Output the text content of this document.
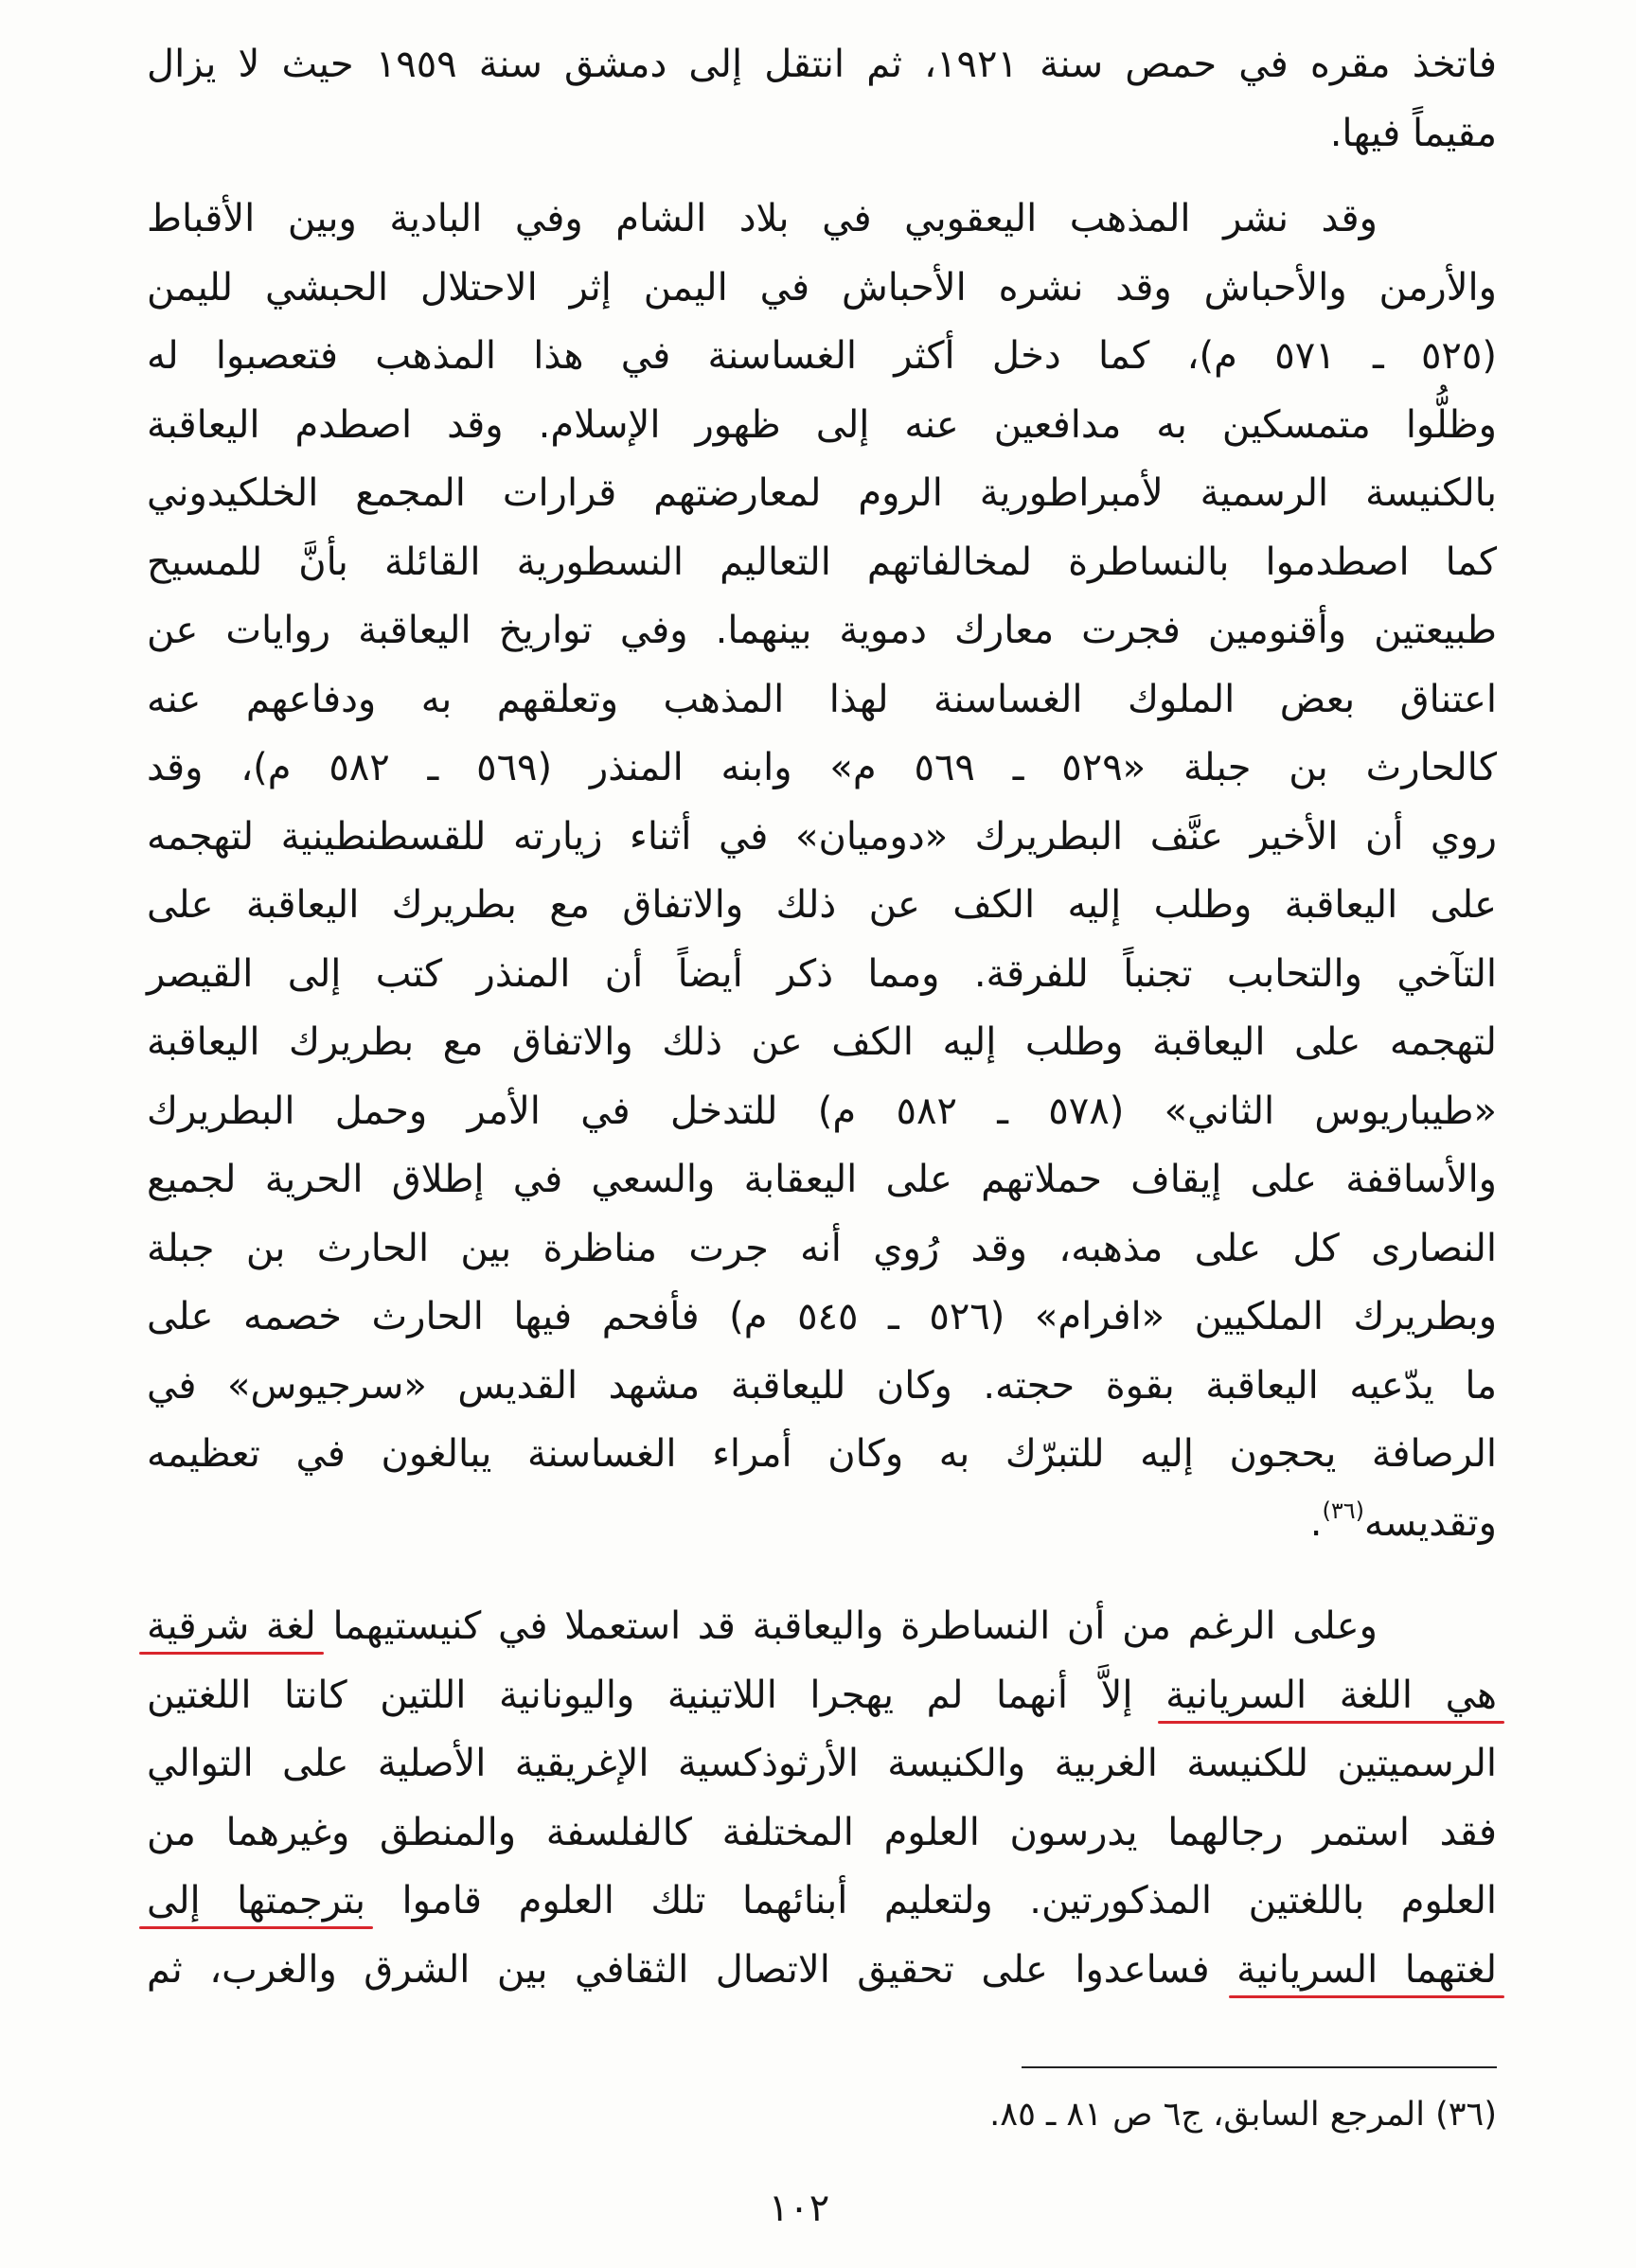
فاتخذ مقره في حمص سنة ١٩٢١، ثم انتقل إلى دمشق سنة ١٩٥٩ حيث لا يزال
مقيماً فيها.
وقد نشر المذهب اليعقوبي في بلاد الشام وفي البادية وبين الأقباط
والأرمن والأحباش وقد نشره الأحباش في اليمن إثر الاحتلال الحبشي لليمن
(٥٢٥ ـ ٥٧١ م)، كما دخل أكثر الغساسنة في هذا المذهب فتعصبوا له
وظلُّوا متمسكين به مدافعين عنه إلى ظهور الإسلام. وقد اصطدم اليعاقبة
بالكنيسة الرسمية لأمبراطورية الروم لمعارضتهم قرارات المجمع الخلكيدوني
كما اصطدموا بالنساطرة لمخالفاتهم التعاليم النسطورية القائلة بأنَّ للمسيح
طبيعتين وأقنومين فجرت معارك دموية بينهما. وفي تواريخ اليعاقبة روايات عن
اعتناق بعض الملوك الغساسنة لهذا المذهب وتعلقهم به ودفاعهم عنه
كالحارث بن جبلة «٥٢٩ ـ ٥٦٩ م» وابنه المنذر (٥٦٩ ـ ٥٨٢ م)، وقد
روي أن الأخير عنَّف البطريرك «دوميان» في أثناء زيارته للقسطنطينية لتهجمه
على اليعاقبة وطلب إليه الكف عن ذلك والاتفاق مع بطريرك اليعاقبة على
التآخي والتحابب تجنباً للفرقة. ومما ذكر أيضاً أن المنذر كتب إلى القيصر
لتهجمه على اليعاقبة وطلب إليه الكف عن ذلك والاتفاق مع بطريرك اليعاقبة
«طيباريوس الثاني» (٥٧٨ ـ ٥٨٢ م) للتدخل في الأمر وحمل البطريرك
والأساقفة على إيقاف حملاتهم على اليعقابة والسعي في إطلاق الحرية لجميع
النصارى كل على مذهبه، وقد رُوي أنه جرت مناظرة بين الحارث بن جبلة
وبطريرك الملكيين «افرام» (٥٢٦ ـ ٥٤٥ م) فأفحم فيها الحارث خصمه على
ما يدّعيه اليعاقبة بقوة حجته. وكان لليعاقبة مشهد القديس «سرجيوس» في
الرصافة يحجون إليه للتبرّك به وكان أمراء الغساسنة يبالغون في تعظيمه
وتقديسه$^{(٣٦)}$.
وعلى الرغم من أن النساطرة واليعاقبة قد استعملا في كنيستيهما لغة شرقية
هي اللغة السريانية إلاَّ أنهما لم يهجرا اللاتينية واليونانية اللتين كانتا اللغتين
الرسميتين للكنيسة الغربية والكنيسة الأرثوذكسية الإغريقية الأصلية على التوالي
فقد استمر رجالهما يدرسون العلوم المختلفة كالفلسفة والمنطق وغيرهما من
العلوم باللغتين المذكورتين. ولتعليم أبنائهما تلك العلوم قاموا بترجمتها إلى
لغتهما السريانية فساعدوا على تحقيق الاتصال الثقافي بين الشرق والغرب، ثم
(٣٦) المرجع السابق، ج٦ ص ٨١ ـ ٨٥.
١٠٢
